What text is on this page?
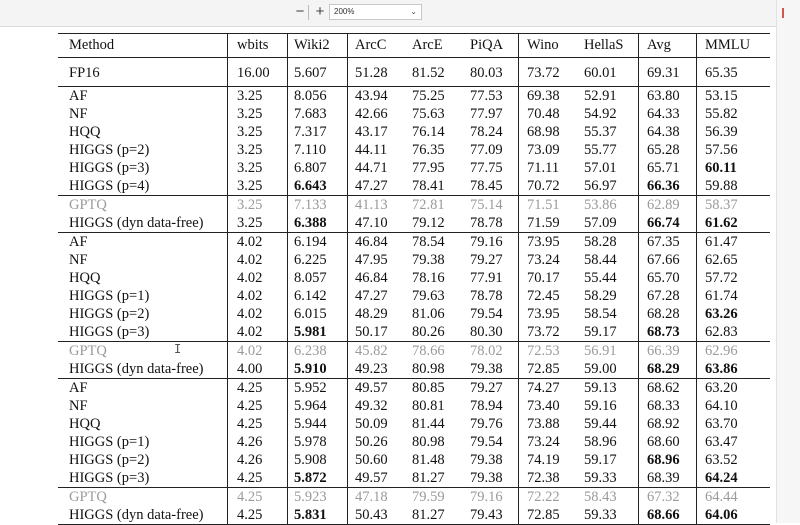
− +	200%	⌄
Method	wbits Wiki2 ArcC ArcE PiQA Wino HellaS Avg MMLU
FP16	16.00 5.607 51.28 81.52 80.03 73.72 60.01 69.31 65.35
AF	3.25 8.056 43.94 75.25 77.53 69.38 52.91 63.80 53.15
NF	3.25 7.683 42.66 75.63 77.97 70.48 54.92 64.33 55.82
HQQ	3.25 7.317 43.17 76.14 78.24 68.98 55.37 64.38 56.39
HIGGS (p=2)	3.25 7.110 44.11 76.35 77.09 73.09 55.77 65.28 57.56
HIGGS (p=3)	3.25 6.807 44.71 77.95 77.75 71.11 57.01 65.71 60.11
HIGGS (p=4)	3.25 6.643 47.27 78.41 78.45 70.72 56.97 66.36 59.88
GPTQ	3.25 7.133 41.13 72.81 75.14 71.51 53.86 62.89 58.37
HIGGS (dyn data-free) 3.25 6.388 47.10 79.12 78.78 71.59 57.09 66.74 61.62
AF	4.02 6.194 46.84 78.54 79.16 73.95 58.28 67.35 61.47
NF	4.02 6.225 47.95 79.38 79.27 73.24 58.44 67.66 62.65
HQQ	4.02 8.057 46.84 78.16 77.91 70.17 55.44 65.70 57.72
HIGGS (p=1)	4.02 6.142 47.27 79.63 78.78 72.45 58.29 67.28 61.74
HIGGS (p=2)	4.02 6.015 48.29 81.06 79.54 73.95 58.54 68.28 63.26
HIGGS (p=3)	4.02 5.981 50.17 80.26 80.30 73.72 59.17 68.73 62.83
GPTQ	4.02 6.238 45.82 78.66 78.02 72.53 56.91 66.39 62.96
HIGGS (dyn data-free) 4.00 5.910 49.23 80.98 79.38 72.85 59.00 68.29 63.86
AF	4.25 5.952 49.57 80.85 79.27 74.27 59.13 68.62 63.20
NF	4.25 5.964 49.32 80.81 78.94 73.40 59.16 68.33 64.10
HQQ	4.25 5.944 50.09 81.44 79.76 73.88 59.44 68.92 63.70
HIGGS (p=1)	4.26 5.978 50.26 80.98 79.54 73.24 58.96 68.60 63.47
HIGGS (p=2)	4.26 5.908 50.60 81.48 79.38 74.19 59.17 68.96 63.52
HIGGS (p=3)	4.25 5.872 49.57 81.27 79.38 72.38 59.33 68.39 64.24
GPTQ	4.25 5.923 47.18 79.59 79.16 72.22 58.43 67.32 64.44
HIGGS (dyn data-free) 4.25 5.831 50.43 81.27 79.43 72.85 59.33 68.66 64.06
I
